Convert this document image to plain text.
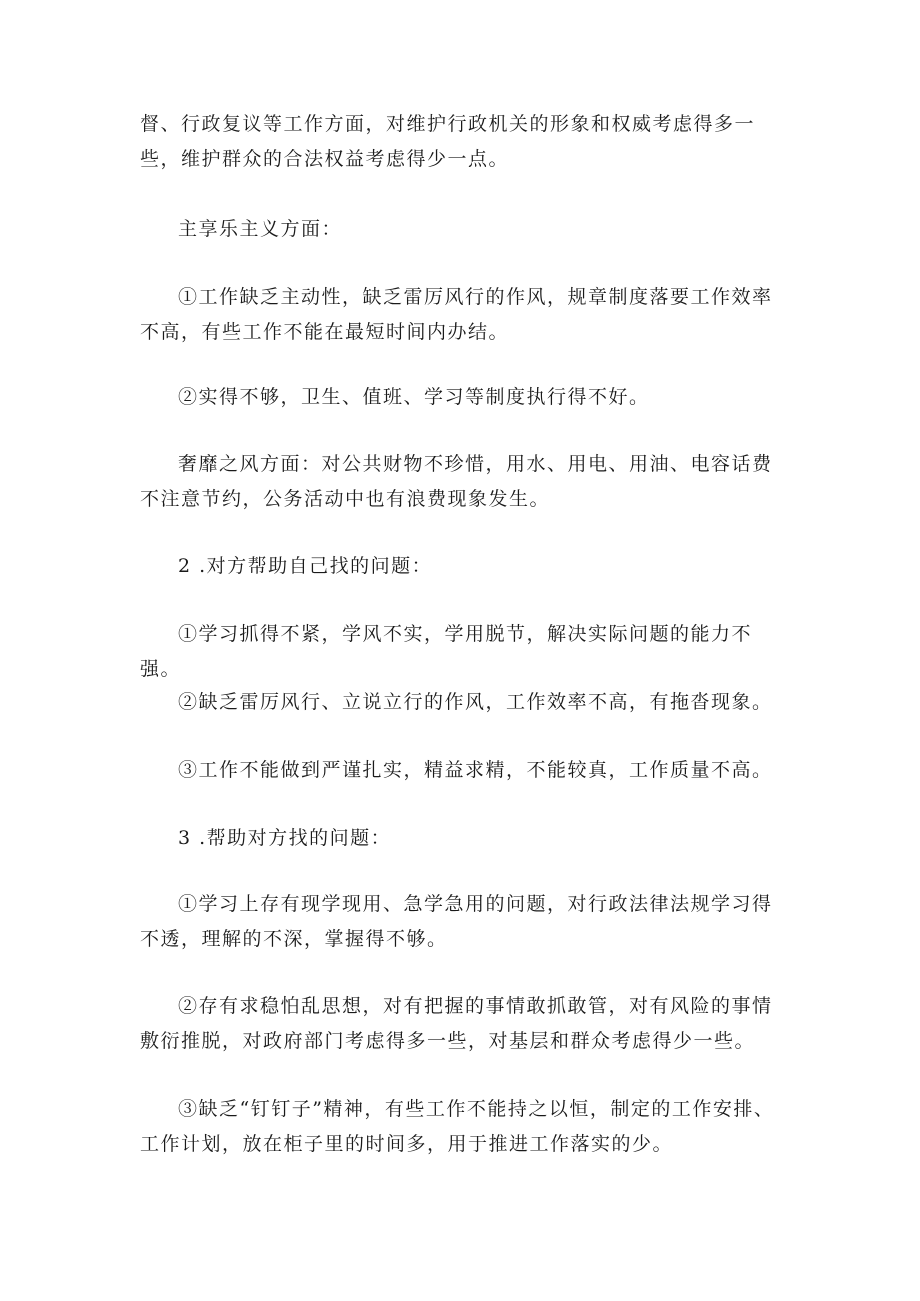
督、行政复议等工作方面，对维护行政机关的形象和权威考虑得多一些，维护群众的合法权益考虑得少一点。

主享乐主义方面：

①工作缺乏主动性，缺乏雷厉风行的作风，规章制度落要工作效率不高，有些工作不能在最短时间内办结。

②实得不够，卫生、值班、学习等制度执行得不好。

奢靡之风方面：对公共财物不珍惜，用水、用电、用油、电容话费不注意节约，公务活动中也有浪费现象发生。

2 .对方帮助自己找的问题：

①学习抓得不紧，学风不实，学用脱节，解决实际问题的能力不强。

②缺乏雷厉风行、立说立行的作风，工作效率不高，有拖沓现象。

③工作不能做到严谨扎实，精益求精，不能较真，工作质量不高。

3 .帮助对方找的问题：

①学习上存有现学现用、急学急用的问题，对行政法律法规学习得不透，理解的不深，掌握得不够。

②存有求稳怕乱思想，对有把握的事情敢抓敢管，对有风险的事情敷衍推脱，对政府部门考虑得多一些，对基层和群众考虑得少一些。

③缺乏“钉钉子”精神，有些工作不能持之以恒，制定的工作安排、工作计划，放在柜子里的时间多，用于推进工作落实的少。
